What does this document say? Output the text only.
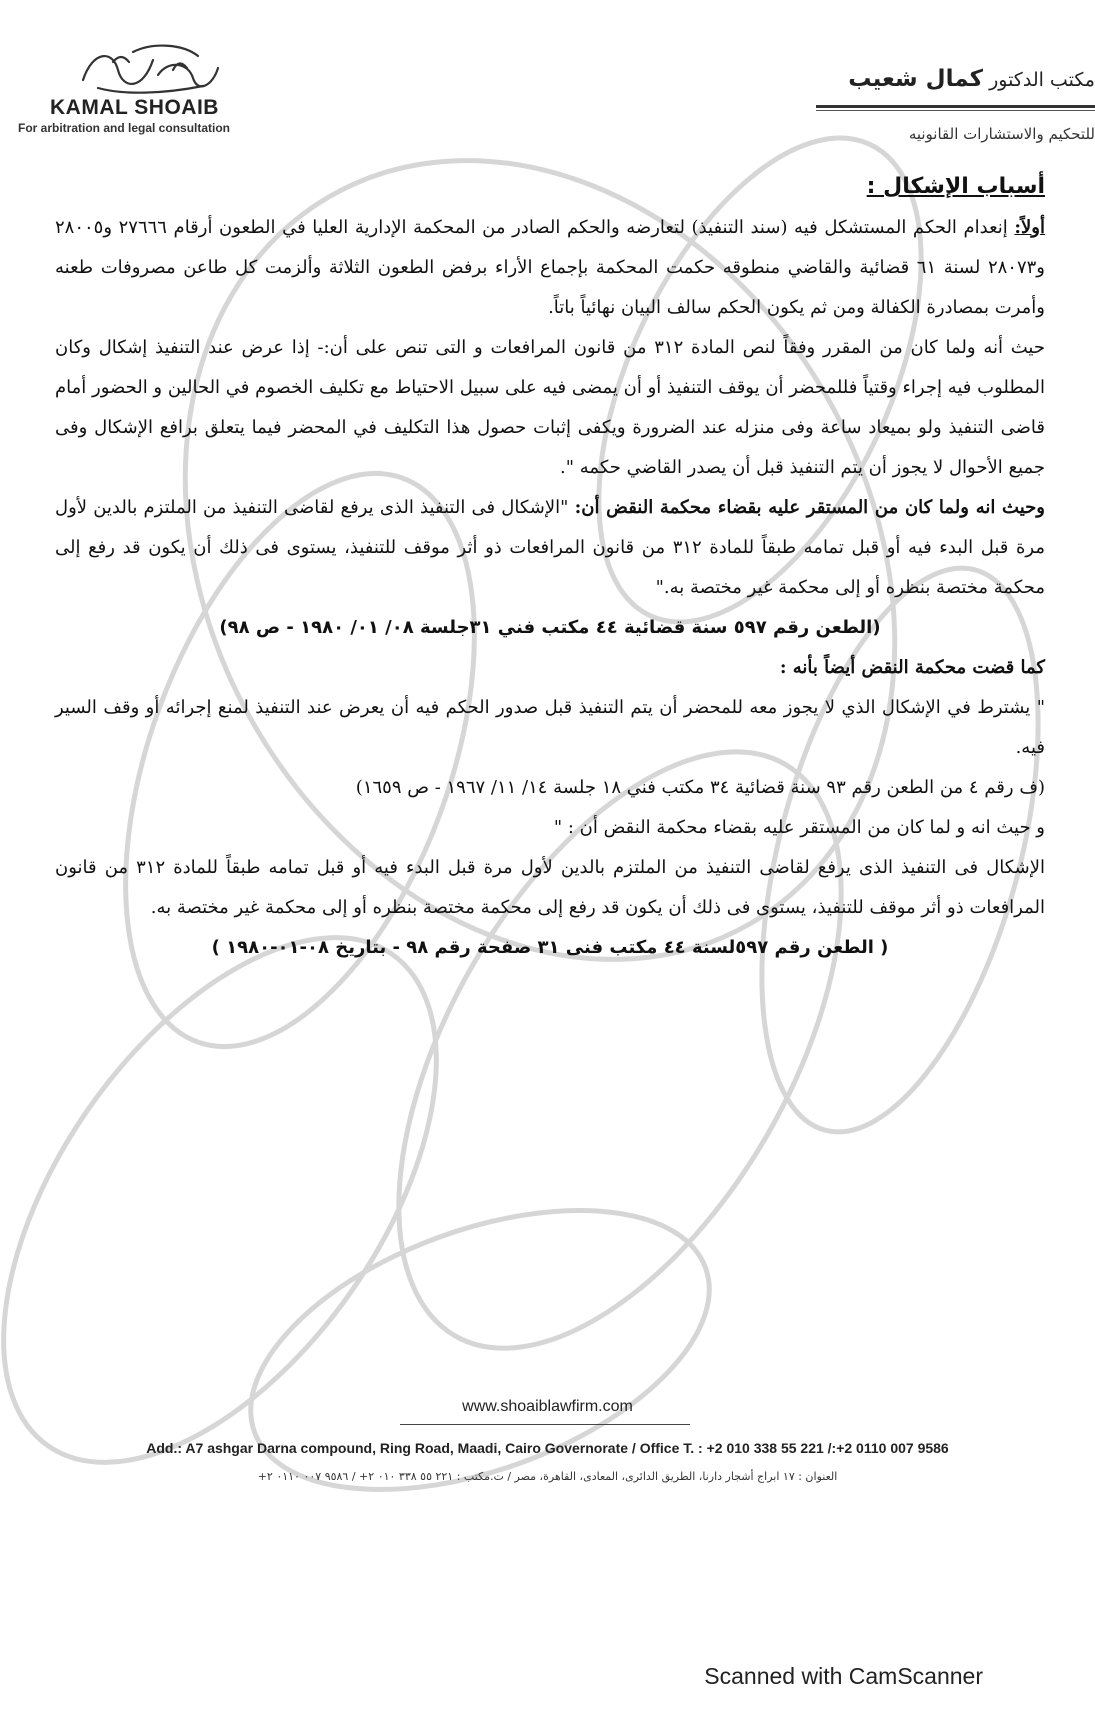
KAMAL SHOAIB
For arbitration and legal consultation
مكتب الدكتور كمال شعيب
للتحكيم والاستشارات القانونيه
أسباب الإشكال :

أولاً: إنعدام الحكم المستشكل فيه (سند التنفيذ) لتعارضه والحكم الصادر من المحكمة الإدارية العليا في الطعون أرقام ٢٧٦٦٦ و٢٨٠٠٥ و٢٨٠٧٣ لسنة ٦١ قضائية والقاضي منطوقه حكمت المحكمة بإجماع الأراء برفض الطعون الثلاثة وألزمت كل طاعن مصروفات طعنه وأمرت بمصادرة الكفالة ومن ثم يكون الحكم سالف البيان نهائياً باتاً.

حيث أنه ولما كان من المقرر وفقاً لنص المادة ٣١٢ من قانون المرافعات و التى تنص على أن:- إذا عرض عند التنفيذ إشكال وكان المطلوب فيه إجراء وقتياً فللمحضر أن يوقف التنفيذ أو أن يمضى فيه على سبيل الاحتياط مع تكليف الخصوم في الحالين و الحضور أمام قاضى التنفيذ ولو بميعاد ساعة وفى منزله عند الضرورة ويكفى إثبات حصول هذا التكليف في المحضر فيما يتعلق برافع الإشكال وفى جميع الأحوال لا يجوز أن يتم التنفيذ قبل أن يصدر القاضي حكمه ".

وحيث انه ولما كان من المستقر عليه بقضاء محكمة النقض أن: "الإشكال فى التنفيذ الذى يرفع لقاضى التنفيذ من الملتزم بالدين لأول مرة قبل البدء فيه أو قبل تمامه طبقاً للمادة ٣١٢ من قانون المرافعات ذو أثر موقف للتنفيذ، يستوى فى ذلك أن يكون قد رفع إلى محكمة مختصة بنظره أو إلى محكمة غير مختصة به."

(الطعن رقم ٥٩٧ سنة قضائية ٤٤ مكتب فني ٣١جلسة ٠٨/ ٠١/ ١٩٨٠ - ص ٩٨)

كما قضت محكمة النقض أيضاً بأنه :

" يشترط في الإشكال الذي لا يجوز معه للمحضر أن يتم التنفيذ قبل صدور الحكم فيه أن يعرض عند التنفيذ لمنع إجرائه أو وقف السير فيه.

(ف رقم ٤ من الطعن رقم ٩٣ سنة قضائية ٣٤ مكتب فني ١٨ جلسة ١٤/ ١١/ ١٩٦٧ - ص ١٦٥٩)

و حيث انه و لما كان من المستقر عليه بقضاء محكمة النقض أن : "

الإشكال فى التنفيذ الذى يرفع لقاضى التنفيذ من الملتزم بالدين لأول مرة قبل البدء فيه أو قبل تمامه طبقاً للمادة ٣١٢ من قانون المرافعات ذو أثر موقف للتنفيذ، يستوى فى ذلك أن يكون قد رفع إلى محكمة مختصة بنظره أو إلى محكمة غير مختصة به.

( الطعن رقم ٥٩٧لسنة ٤٤ مكتب فنى ٣١ صفحة رقم ٩٨ - بتاريخ ٠٨-٠١-١٩٨٠ )

www.shoaiblawfirm.com
Add.: A7 ashgar Darna compound, Ring Road, Maadi, Cairo Governorate / Office T. : +2 010 338 55 221 /:+2 0110 007 9586
العنوان : ١٧ ابراج أشجار دارنا، الطريق الدائرى، المعادى، القاهرة، مصر / ت.مكتب : ٢٢١ ٥٥ ٣٣٨ ٠١٠ ٢+ / ٩٥٨٦ ٠٠٧ ٠١١٠ ٢+
Scanned with CamScanner
